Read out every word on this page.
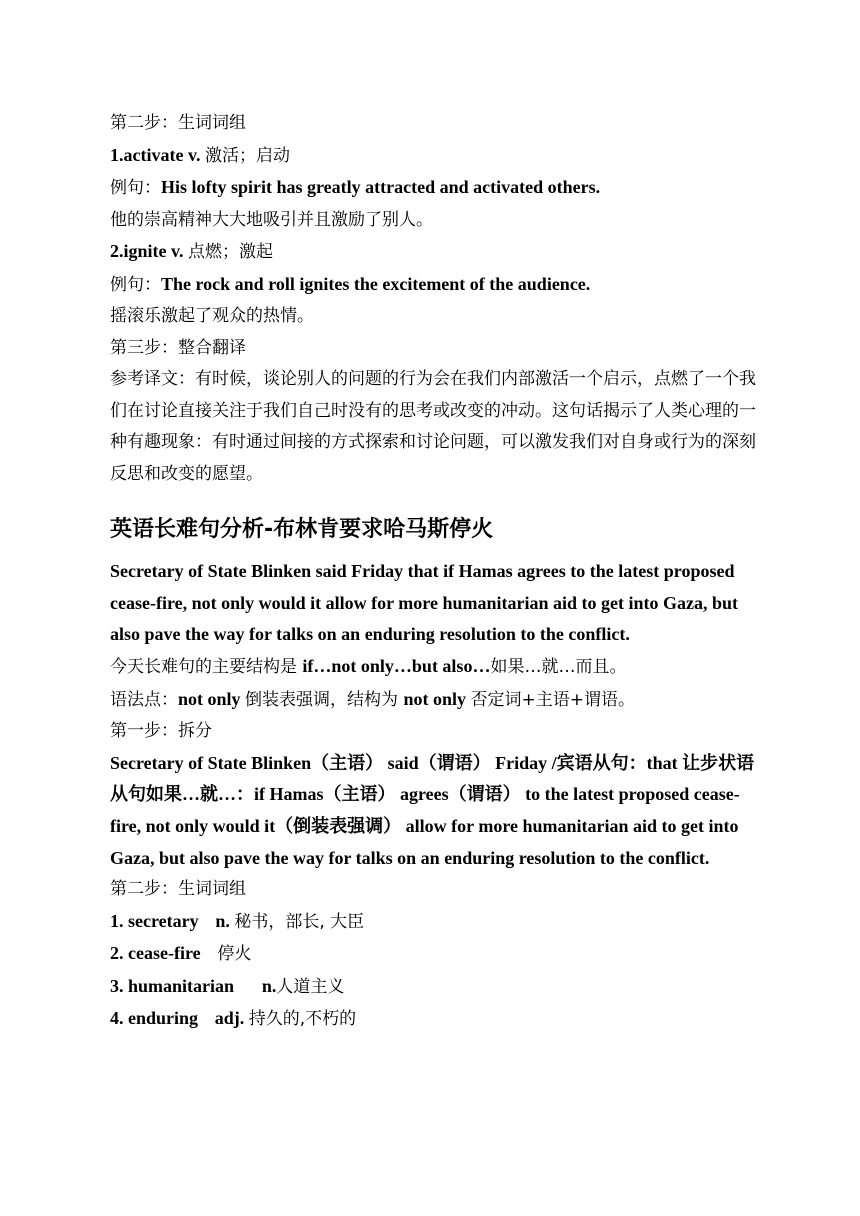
第二步：生词词组
1.activate v. 激活；启动
例句：His lofty spirit has greatly attracted and activated others.
他的崇高精神大大地吸引并且激励了别人。
2.ignite v. 点燃；激起
例句：The rock and roll ignites the excitement of the audience.
摇滚乐激起了观众的热情。
第三步：整合翻译
参考译文：有时候，谈论别人的问题的行为会在我们内部激活一个启示，点燃了一个我们在讨论直接关注于我们自己时没有的思考或改变的冲动。这句话揭示了人类心理的一种有趣现象：有时通过间接的方式探索和讨论问题，可以激发我们对自身或行为的深刻反思和改变的愿望。
英语长难句分析-布林肯要求哈马斯停火
Secretary of State Blinken said Friday that if Hamas agrees to the latest proposed cease-fire, not only would it allow for more humanitarian aid to get into Gaza, but also pave the way for talks on an enduring resolution to the conflict.
今天长难句的主要结构是 if…not only…but also…如果…就…而且。
语法点：not only 倒装表强调，结构为 not only 否定词+主语+谓语。
第一步：拆分
Secretary of State Blinken（主语） said（谓语） Friday /宾语从句：that 让步状语从句如果…就…：if Hamas（主语） agrees（谓语） to the latest proposed cease-fire, not only would it（倒装表强调） allow for more humanitarian aid to get into Gaza, but also pave the way for talks on an enduring resolution to the conflict.
第二步：生词词组
1. secretary n. 秘书，部长, 大臣
2. cease-fire 停火
3. humanitarian n.人道主义
4. enduring adj. 持久的,不朽的
